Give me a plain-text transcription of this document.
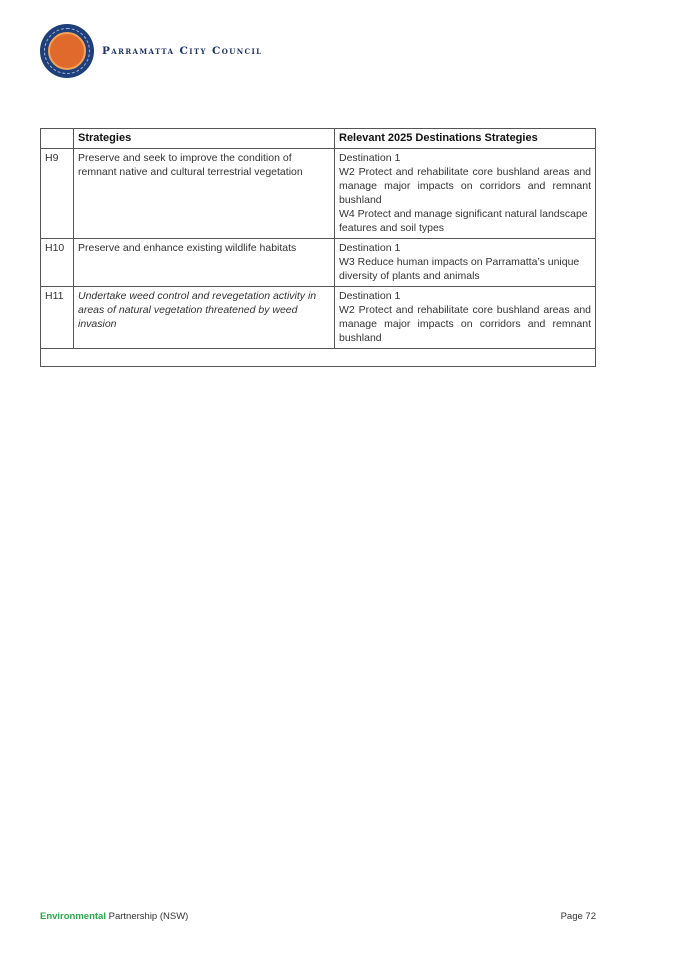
Parramatta City Council
	Strategies	Relevant 2025 Destinations Strategies
H9	Preserve and seek to improve the condition of remnant native and cultural terrestrial vegetation	Destination 1
W2 Protect and rehabilitate core bushland areas and manage major impacts on corridors and remnant bushland
W4 Protect and manage significant natural landscape features and soil types

H10	Preserve and enhance existing wildlife habitats	Destination 1
W3 Reduce human impacts on Parramatta’s unique diversity of plants and animals

H11	Undertake weed control and revegetation activity in areas of natural vegetation threatened by weed invasion	Destination 1
W2 Protect and rehabilitate core bushland areas and manage major impacts on corridors and remnant bushland

Environmental Partnership (NSW)	Page 72
